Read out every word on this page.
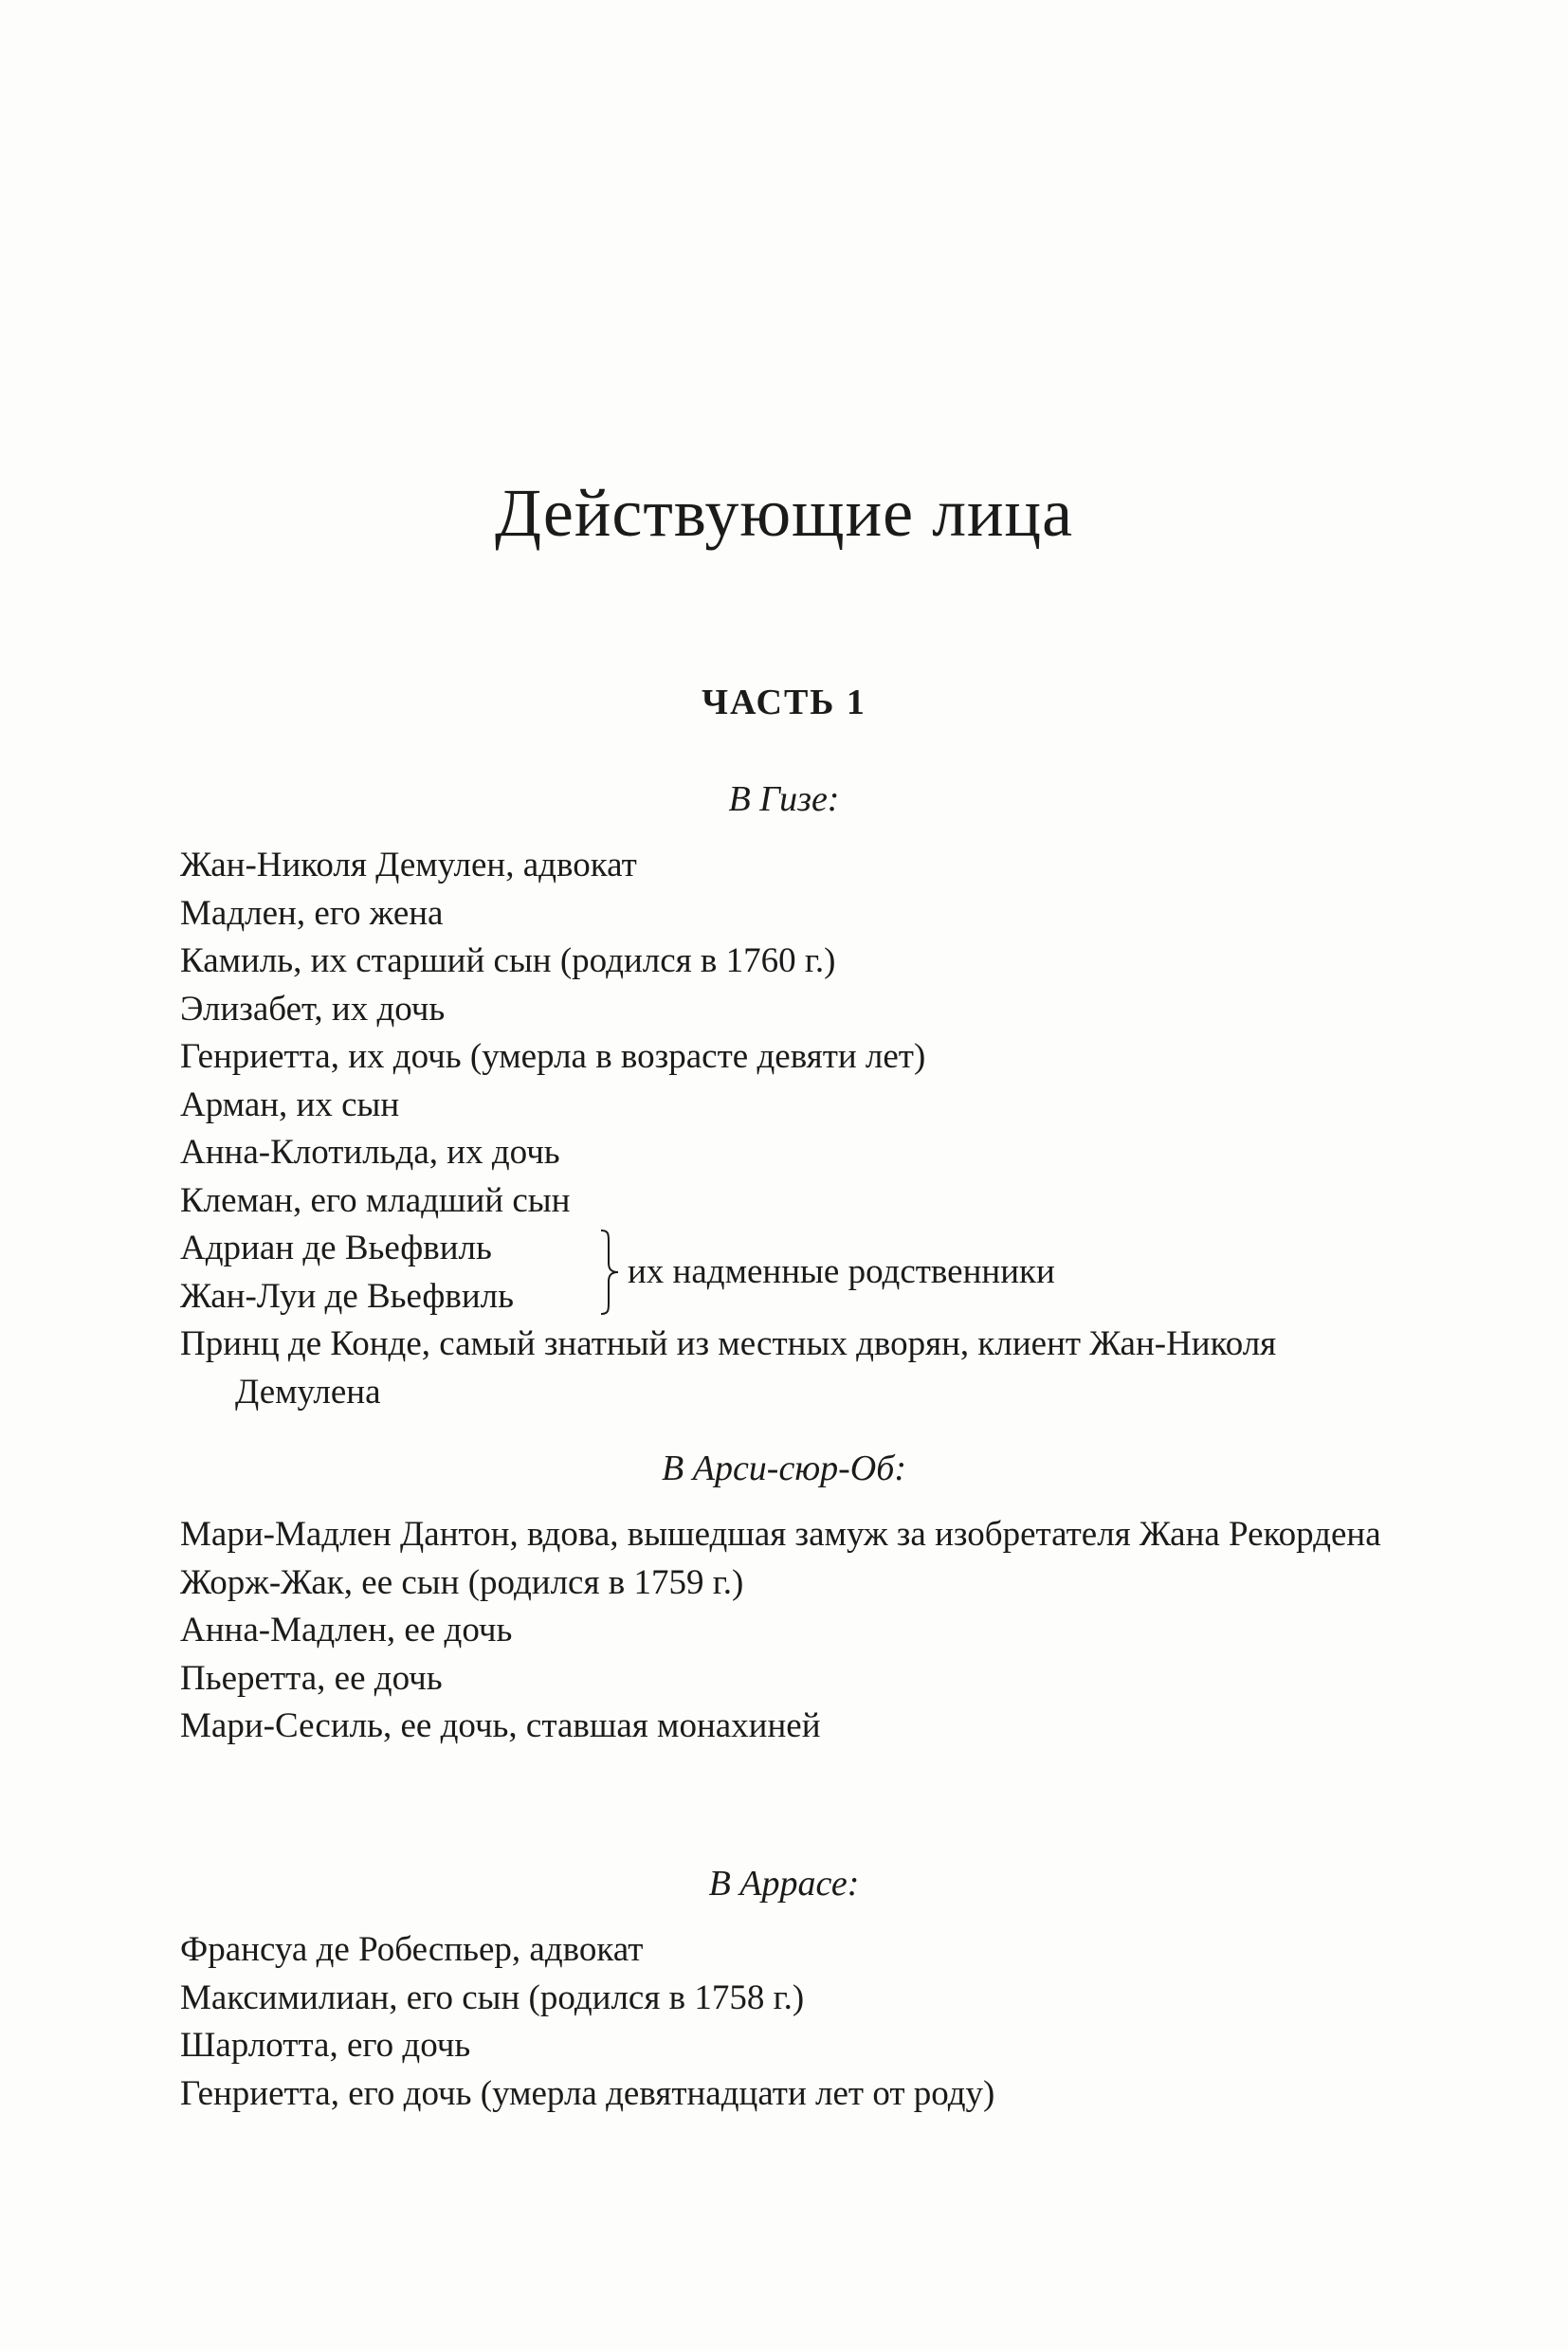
Действующие лица
ЧАСТЬ 1
В Гизе:
Жан-Николя Демулен, адвокат
Мадлен, его жена
Камиль, их старший сын (родился в 1760 г.)
Элизабет, их дочь
Генриетта, их дочь (умерла в возрасте девяти лет)
Арман, их сын
Анна-Клотильда, их дочь
Клеман, его младший сын
Адриан де Вьефвиль
Жан-Луи де Вьефвиль
их надменные родственники
Принц де Конде, самый знатный из местных дворян, клиент Жан-Николя Демулена
В Арси-сюр-Об:
Мари-Мадлен Дантон, вдова, вышедшая замуж за изобретателя Жана Рекордена
Жорж-Жак, ее сын (родился в 1759 г.)
Анна-Мадлен, ее дочь
Пьеретта, ее дочь
Мари-Сесиль, ее дочь, ставшая монахиней
В Аррасе:
Франсуа де Робеспьер, адвокат
Максимилиан, его сын (родился в 1758 г.)
Шарлотта, его дочь
Генриетта, его дочь (умерла девятнадцати лет от роду)
